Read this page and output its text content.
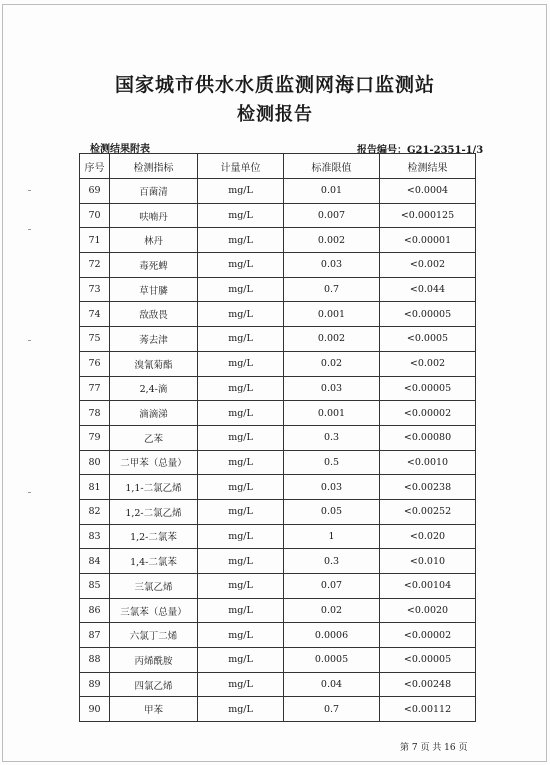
国家城市供水水质监测网海口监测站
检测报告
检测结果附表	报告编号：G21-2351-1/3
序号	检测指标	计量单位	标准限值	检测结果
69	百菌清	mg/L	0.01	<0.0004
70	呋喃丹	mg/L	0.007	<0.000125
71	林丹	mg/L	0.002	<0.00001
72	毒死蜱	mg/L	0.03	<0.002
73	草甘膦	mg/L	0.7	<0.044
74	敌敌畏	mg/L	0.001	<0.00005
75	莠去津	mg/L	0.002	<0.0005
76	溴氰菊酯	mg/L	0.02	<0.002
77	2,4-滴	mg/L	0.03	<0.00005
78	滴滴涕	mg/L	0.001	<0.00002
79	乙苯	mg/L	0.3	<0.00080
80	二甲苯（总量）	mg/L	0.5	<0.0010
81	1,1-二氯乙烯	mg/L	0.03	<0.00238
82	1,2-二氯乙烯	mg/L	0.05	<0.00252
83	1,2-二氯苯	mg/L	1	<0.020
84	1,4-二氯苯	mg/L	0.3	<0.010
85	三氯乙烯	mg/L	0.07	<0.00104
86	三氯苯（总量）	mg/L	0.02	<0.0020
87	六氯丁二烯	mg/L	0.0006	<0.00002
88	丙烯酰胺	mg/L	0.0005	<0.00005
89	四氯乙烯	mg/L	0.04	<0.00248
90	甲苯	mg/L	0.7	<0.00112
第 7 页 共 16 页
